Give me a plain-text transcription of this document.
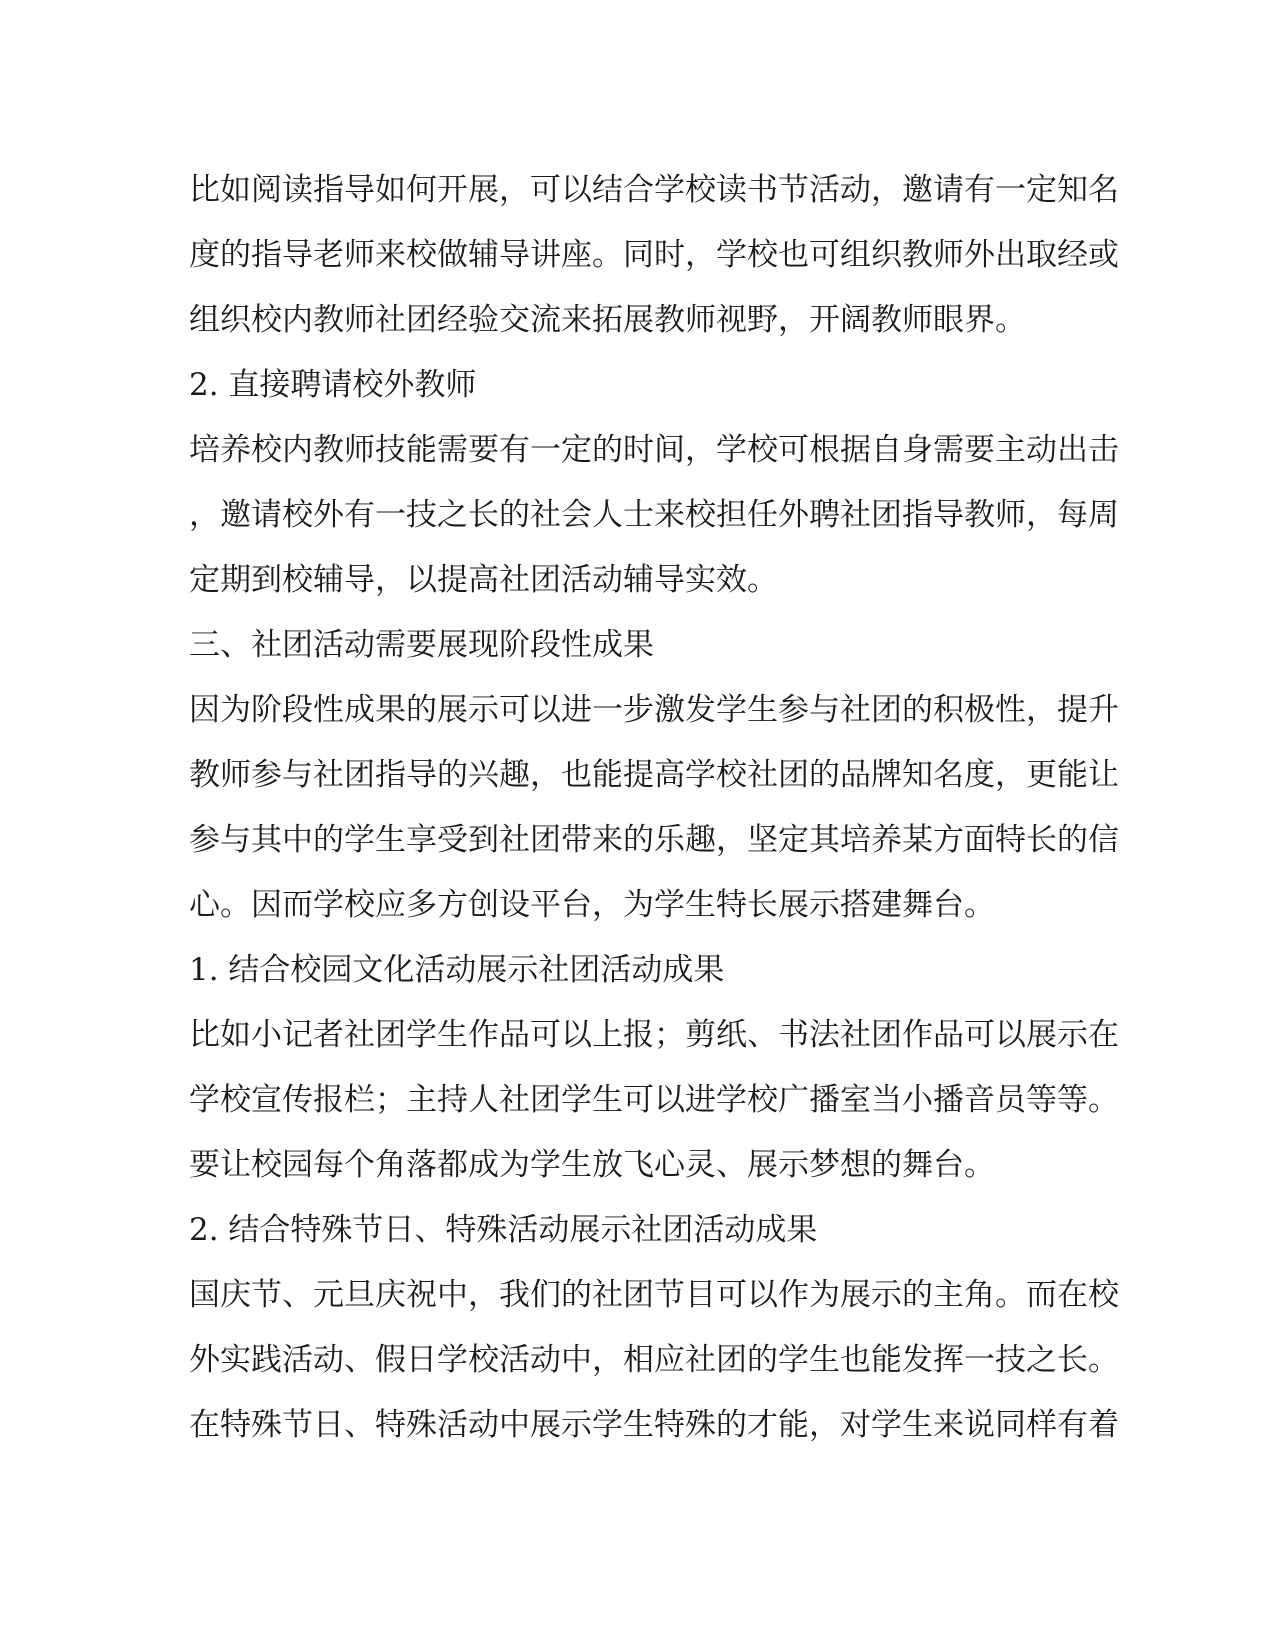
比如阅读指导如何开展，可以结合学校读书节活动，邀请有一定知名
度的指导老师来校做辅导讲座。同时，学校也可组织教师外出取经或
组织校内教师社团经验交流来拓展教师视野，开阔教师眼界。
2. 直接聘请校外教师
培养校内教师技能需要有一定的时间，学校可根据自身需要主动出击
，邀请校外有一技之长的社会人士来校担任外聘社团指导教师，每周
定期到校辅导，以提高社团活动辅导实效。
三、社团活动需要展现阶段性成果
因为阶段性成果的展示可以进一步激发学生参与社团的积极性，提升
教师参与社团指导的兴趣，也能提高学校社团的品牌知名度，更能让
参与其中的学生享受到社团带来的乐趣，坚定其培养某方面特长的信
心。因而学校应多方创设平台，为学生特长展示搭建舞台。
1. 结合校园文化活动展示社团活动成果
比如小记者社团学生作品可以上报；剪纸、书法社团作品可以展示在
学校宣传报栏；主持人社团学生可以进学校广播室当小播音员等等。
要让校园每个角落都成为学生放飞心灵、展示梦想的舞台。
2. 结合特殊节日、特殊活动展示社团活动成果
国庆节、元旦庆祝中，我们的社团节目可以作为展示的主角。而在校
外实践活动、假日学校活动中，相应社团的学生也能发挥一技之长。
在特殊节日、特殊活动中展示学生特殊的才能，对学生来说同样有着
